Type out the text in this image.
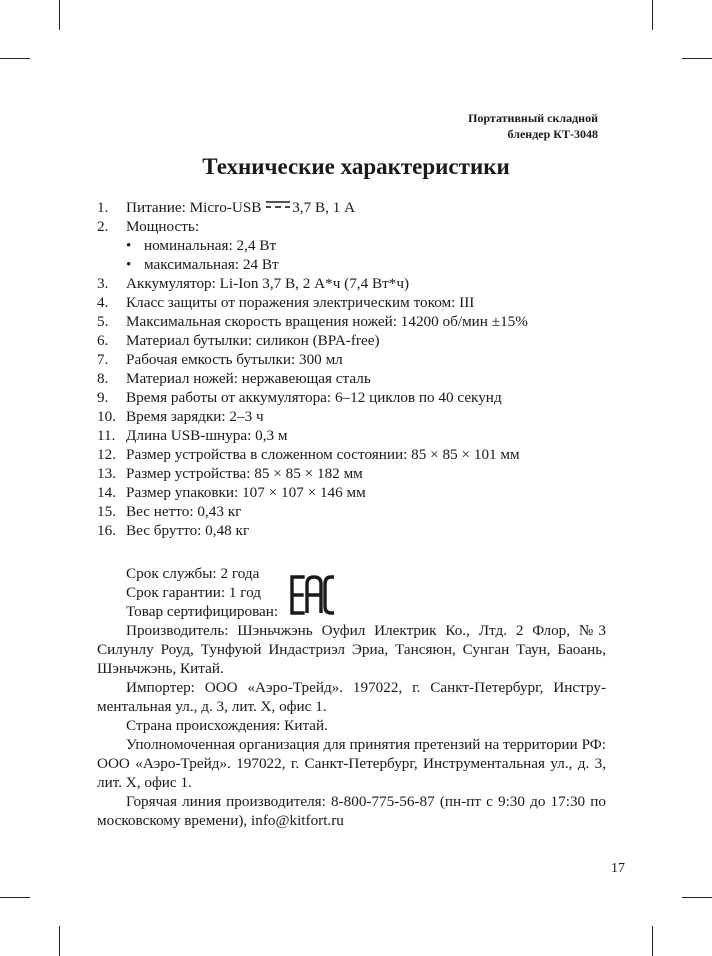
Портативный складной
блендер КТ-3048
Технические характеристики
1. Питание: Micro-USB 3,7 В, 1 А
2. Мощность:
• номинальная: 2,4 Вт
• максимальная: 24 Вт
3. Аккумулятор: Li-Ion 3,7 В, 2 А*ч (7,4 Вт*ч)
4. Класс защиты от поражения электрическим током: III
5. Максимальная скорость вращения ножей: 14200 об/мин ±15%
6. Материал бутылки: силикон (BPA-free)
7. Рабочая емкость бутылки: 300 мл
8. Материал ножей: нержавеющая сталь
9. Время работы от аккумулятора: 6–12 циклов по 40 секунд
10. Время зарядки: 2–3 ч
11. Длина USB-шнура: 0,3 м
12. Размер устройства в сложенном состоянии: 85 × 85 × 101 мм
13. Размер устройства: 85 × 85 × 182 мм
14. Размер упаковки: 107 × 107 × 146 мм
15. Вес нетто: 0,43 кг
16. Вес брутто: 0,48 кг
Срок службы: 2 года
Срок гарантии: 1 год
Товар сертифицирован:

Производитель: Шэньчжэнь Оуфил Илектрик Ко., Лтд. 2 Флор, №3 Силунлу Роуд, Тунфуюй Индастриэл Эриа, Тансяюн, Сунган Таун, Баоань, Шэньчжэнь, Китай.

Импортер: ООО «Аэро-Трейд». 197022, г. Санкт-Петербург, Инструментальная ул., д. 3, лит. Х, офис 1.

Страна происхождения: Китай.

Уполномоченная организация для принятия претензий на территории РФ: ООО «Аэро-Трейд». 197022, г. Санкт-Петербург, Инструментальная ул., д. 3, лит. Х, офис 1.

Горячая линия производителя: 8-800-775-56-87 (пн-пт с 9:30 до 17:30 по московскому времени), info@kitfort.ru

17
